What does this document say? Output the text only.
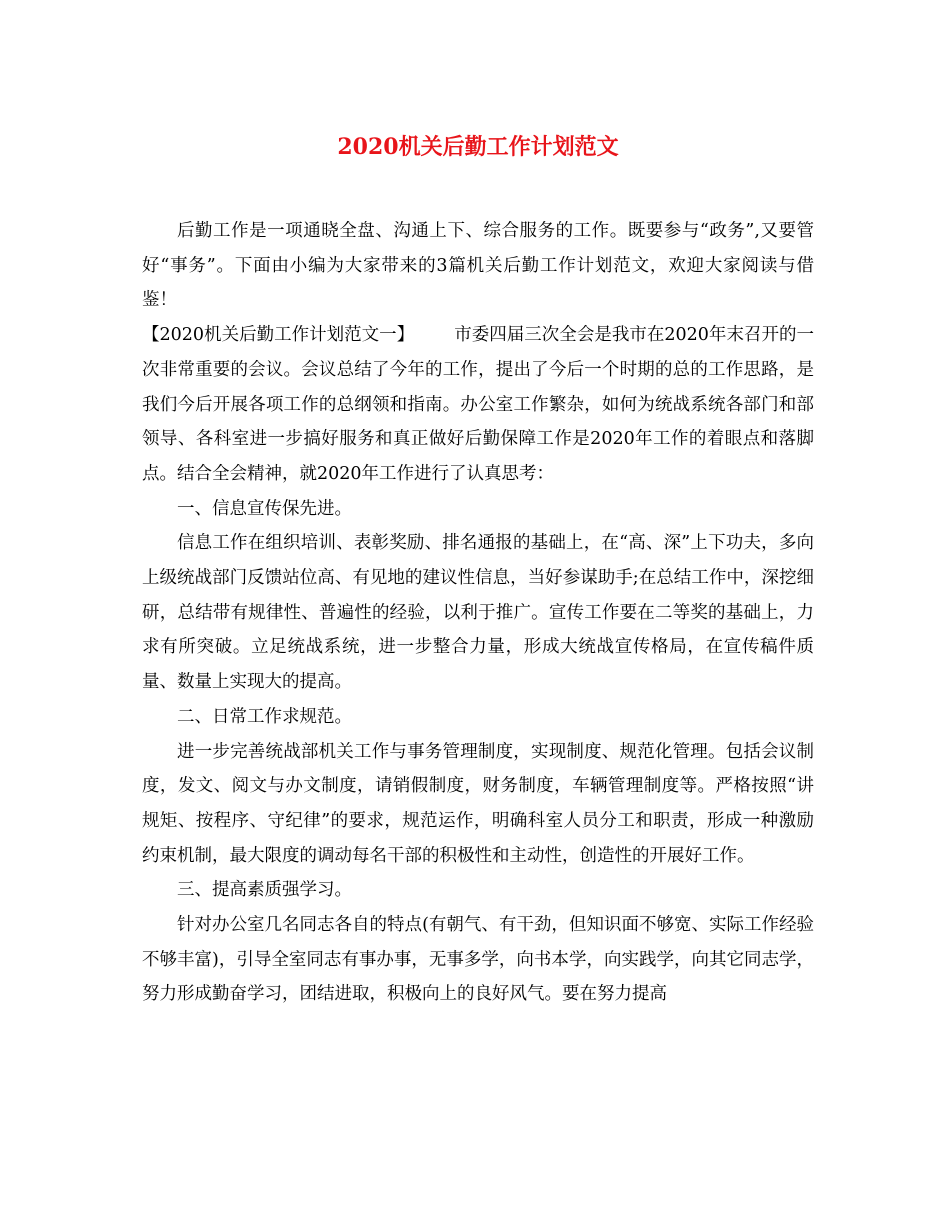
2020机关后勤工作计划范文

后勤工作是一项通晓全盘、沟通上下、综合服务的工作。既要参与“政务”,又要管好“事务”。下面由小编为大家带来的3篇机关后勤工作计划范文，欢迎大家阅读与借鉴！

【2020机关后勤工作计划范文一】 市委四届三次全会是我市在2020年末召开的一次非常重要的会议。会议总结了今年的工作，提出了今后一个时期的总的工作思路，是我们今后开展各项工作的总纲领和指南。办公室工作繁杂，如何为统战系统各部门和部领导、各科室进一步搞好服务和真正做好后勤保障工作是2020年工作的着眼点和落脚点。结合全会精神，就2020年工作进行了认真思考：

一、信息宣传保先进。

信息工作在组织培训、表彰奖励、排名通报的基础上，在“高、深”上下功夫，多向上级统战部门反馈站位高、有见地的建议性信息，当好参谋助手;在总结工作中，深挖细研，总结带有规律性、普遍性的经验，以利于推广。宣传工作要在二等奖的基础上，力求有所突破。立足统战系统，进一步整合力量，形成大统战宣传格局，在宣传稿件质量、数量上实现大的提高。

二、日常工作求规范。

进一步完善统战部机关工作与事务管理制度，实现制度、规范化管理。包括会议制度，发文、阅文与办文制度，请销假制度，财务制度，车辆管理制度等。严格按照“讲规矩、按程序、守纪律”的要求，规范运作，明确科室人员分工和职责，形成一种激励约束机制，最大限度的调动每名干部的积极性和主动性，创造性的开展好工作。

三、提高素质强学习。

针对办公室几名同志各自的特点(有朝气、有干劲，但知识面不够宽、实际工作经验不够丰富)，引导全室同志有事办事，无事多学，向书本学，向实践学，向其它同志学，努力形成勤奋学习，团结进取，积极向上的良好风气。要在努力提高
